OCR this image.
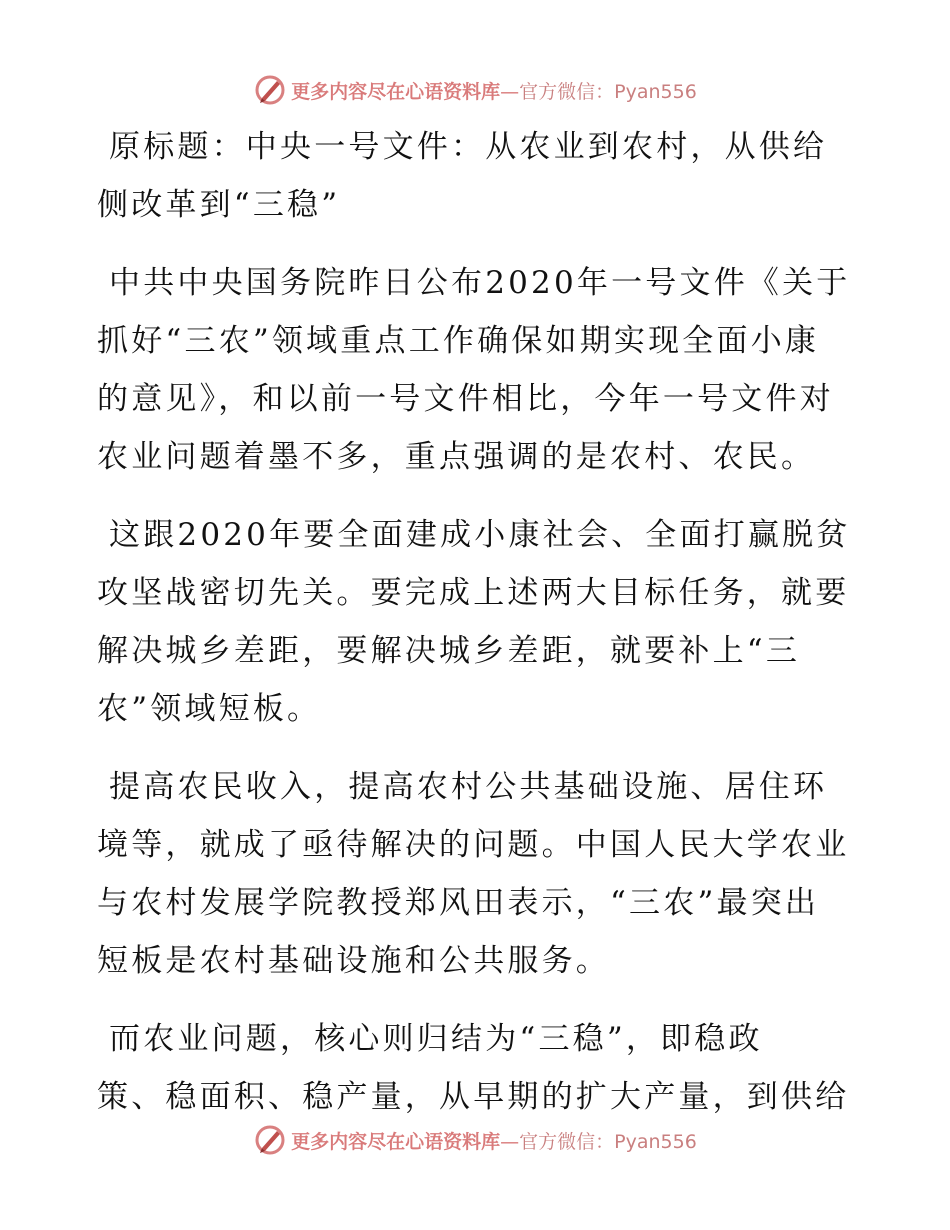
更多内容尽在心语资料库—官方微信：Pyan556

原标题：中央一号文件：从农业到农村，从供给
侧改革到“三稳”

中共中央国务院昨日公布2020年一号文件《关于
抓好“三农”领域重点工作确保如期实现全面小康
的意见》，和以前一号文件相比，今年一号文件对
农业问题着墨不多，重点强调的是农村、农民。

这跟2020年要全面建成小康社会、全面打赢脱贫
攻坚战密切先关。要完成上述两大目标任务，就要
解决城乡差距，要解决城乡差距，就要补上“三
农”领域短板。

提高农民收入，提高农村公共基础设施、居住环
境等，就成了亟待解决的问题。中国人民大学农业
与农村发展学院教授郑风田表示，“三农”最突出
短板是农村基础设施和公共服务。

而农业问题，核心则归结为“三稳”，即稳政
策、稳面积、稳产量，从早期的扩大产量，到供给

更多内容尽在心语资料库—官方微信：Pyan556
